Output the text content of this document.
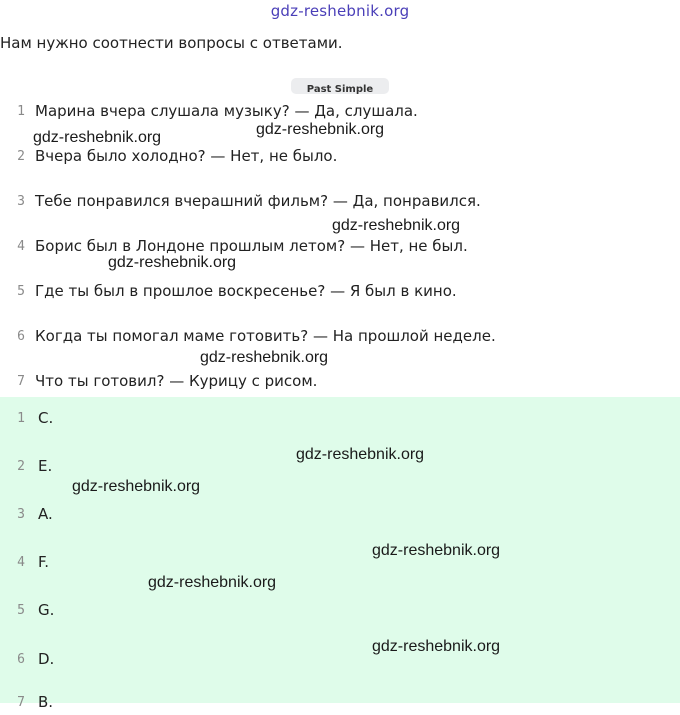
gdz-reshebnik.org
Нам нужно соотнести вопросы с ответами.
Past Simple
1 Марина вчера слушала музыку? — Да, слушала.
2 Вчера было холодно? — Нет, не было.
3 Тебе понравился вчерашний фильм? — Да, понравился.
4 Борис был в Лондоне прошлым летом? — Нет, не был.
5 Где ты был в прошлое воскресенье? — Я был в кино.
6 Когда ты помогал маме готовить? — На прошлой неделе.
7 Что ты готовил? — Курицу с рисом.
1 C.
2 E.
3 A.
4 F.
5 G.
6 D.
7 B.
gdz-reshebnik.org	gdz-reshebnik.org
gdz-reshebnik.org
gdz-reshebnik.org
gdz-reshebnik.org
gdz-reshebnik.org
gdz-reshebnik.org
gdz-reshebnik.org
gdz-reshebnik.org
gdz-reshebnik.org
